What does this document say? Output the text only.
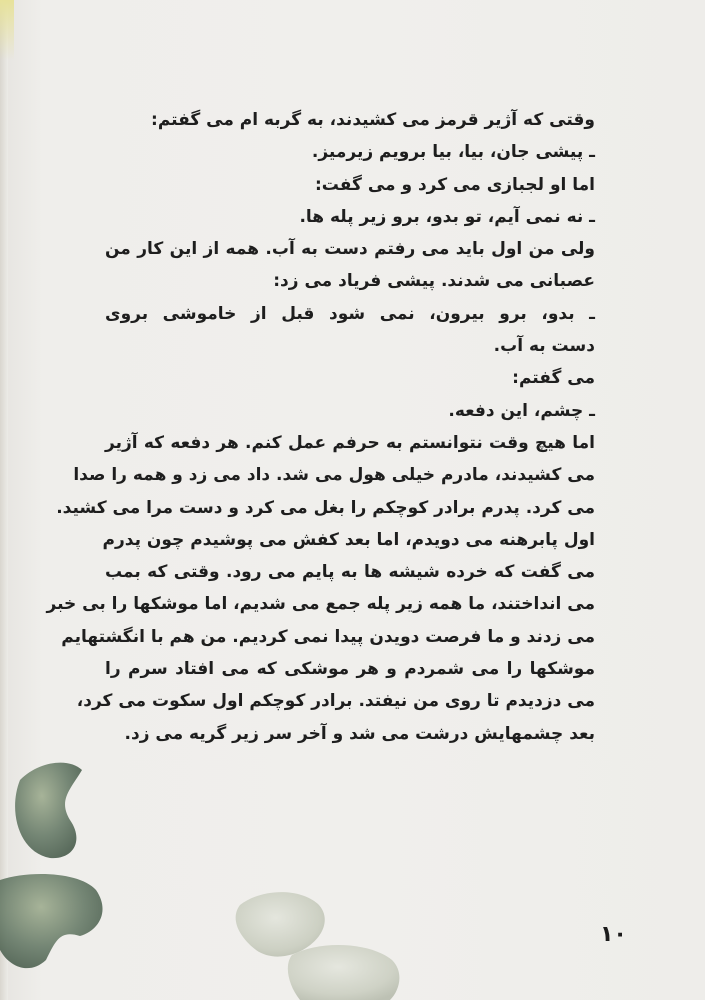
وقتی که آژیر قرمز می کشیدند، به گربه ام می گفتم:
ـ پیشی جان، بیا، بیا برویم زیرمیز.
اما او لجبازی می کرد و می گفت:
ـ نه نمی آیم، تو بدو، برو زیر پله ها.
ولی من اول باید می رفتم دست به آب. همه از این کار من
عصبانی می شدند. پیشی فریاد می زد:
ـ بدو، برو بیرون، نمی شود قبل از خاموشی بروی
دست به آب.
می گفتم:
ـ چشم، این دفعه.
اما هیچ وقت نتوانستم به حرفم عمل کنم. هر دفعه که آژیر
می کشیدند، مادرم خیلی هول می شد. داد می زد و همه را صدا
می کرد. پدرم برادر کوچکم را بغل می کرد و دست مرا می کشید.
اول پابرهنه می دویدم، اما بعد کفش می پوشیدم چون پدرم
می گفت که خرده شیشه ها به پایم می رود. وقتی که بمب
می انداختند، ما همه زیر پله جمع می شدیم، اما موشکها را بی خبر
می زدند و ما فرصت دویدن پیدا نمی کردیم. من هم با انگشتهایم
موشکها را می شمردم و هر موشکی که می افتاد سرم را
می دزدیدم تا روی من نیفتد. برادر کوچکم اول سکوت می کرد،
بعد چشمهایش درشت می شد و آخر سر زیر گریه می زد.
۱۰
